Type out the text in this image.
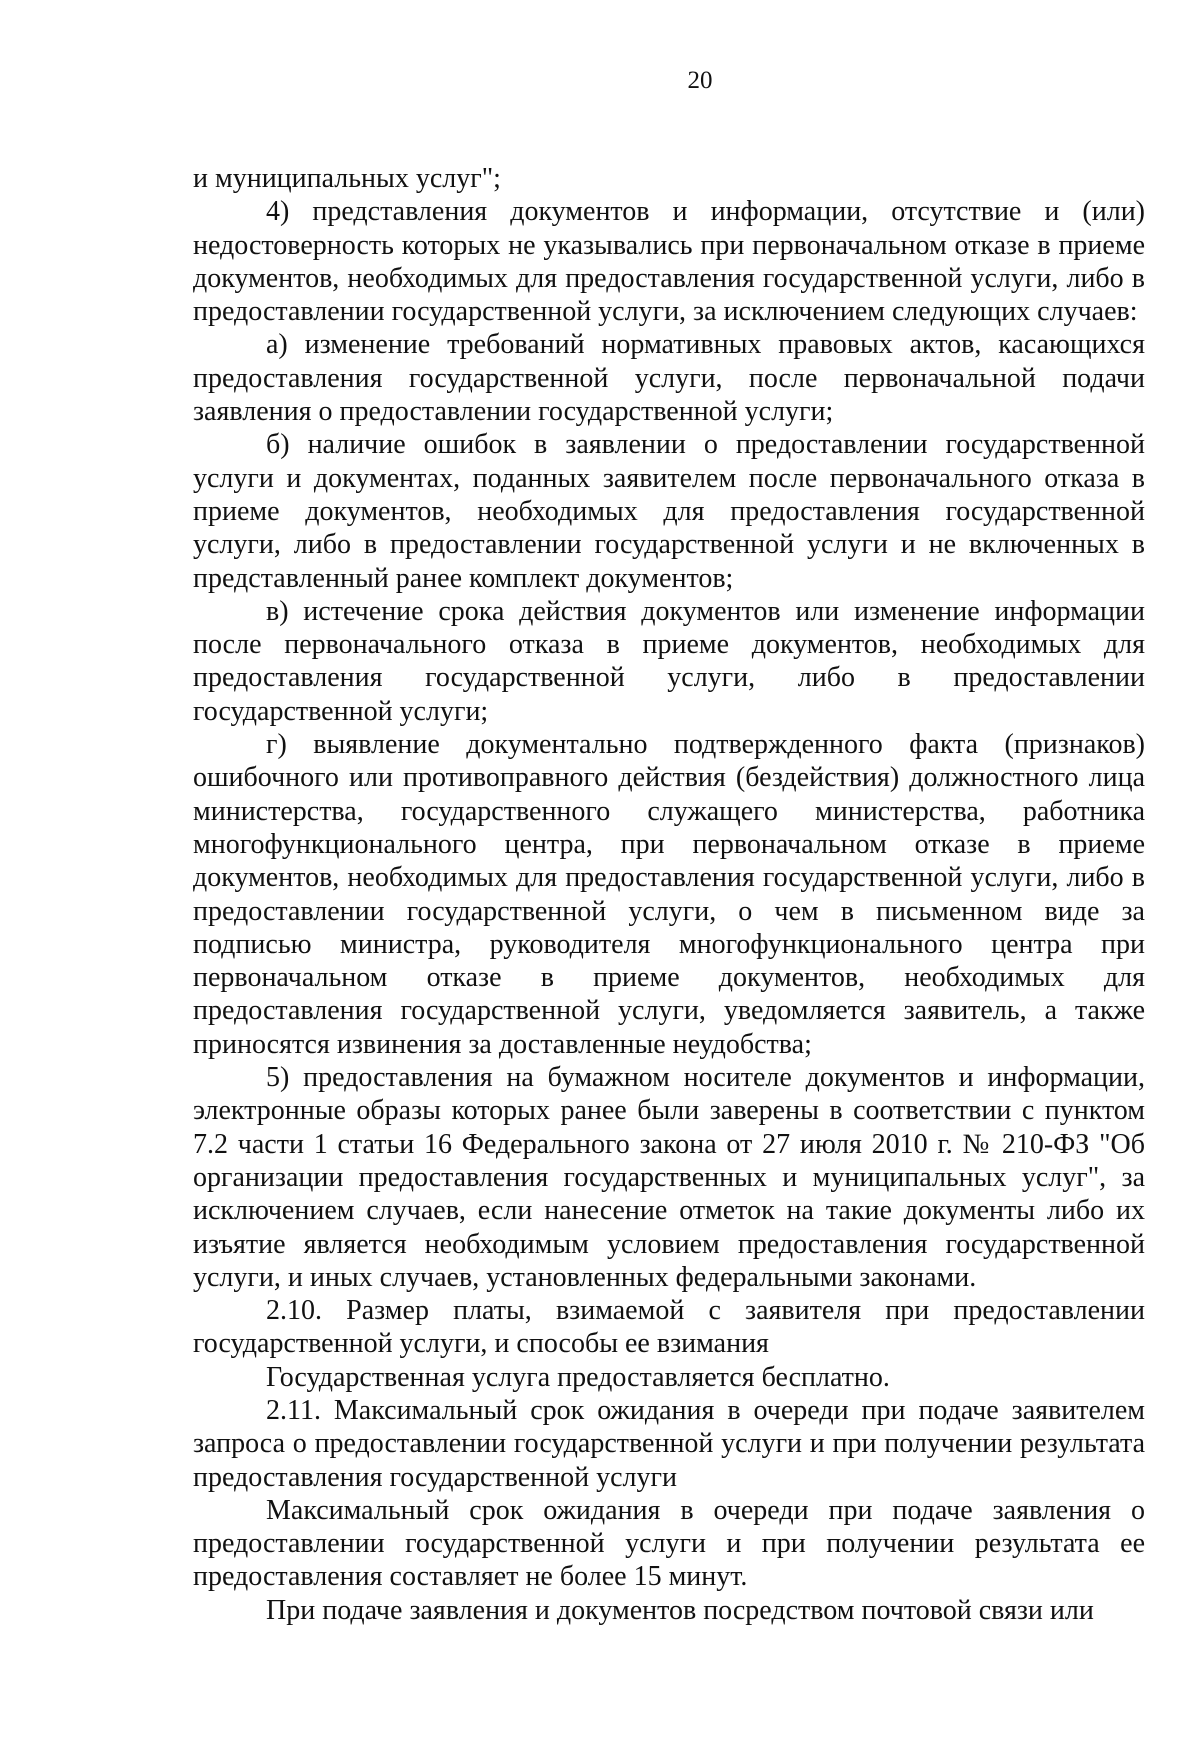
20

и муниципальных услуг";

4) представления документов и информации, отсутствие и (или) недостоверность которых не указывались при первоначальном отказе в приеме документов, необходимых для предоставления государственной услуги, либо в предоставлении государственной услуги, за исключением следующих случаев:

а) изменение требований нормативных правовых актов, касающихся предоставления государственной услуги, после первоначальной подачи заявления о предоставлении государственной услуги;

б) наличие ошибок в заявлении о предоставлении государственной услуги и документах, поданных заявителем после первоначального отказа в приеме документов, необходимых для предоставления государственной услуги, либо в предоставлении государственной услуги и не включенных в представленный ранее комплект документов;

в) истечение срока действия документов или изменение информации после первоначального отказа в приеме документов, необходимых для предоставления государственной услуги, либо в предоставлении государственной услуги;

г) выявление документально подтвержденного факта (признаков) ошибочного или противоправного действия (бездействия) должностного лица министерства, государственного служащего министерства, работника многофункционального центра, при первоначальном отказе в приеме документов, необходимых для предоставления государственной услуги, либо в предоставлении государственной услуги, о чем в письменном виде за подписью министра, руководителя многофункционального центра при первоначальном отказе в приеме документов, необходимых для предоставления государственной услуги, уведомляется заявитель, а также приносятся извинения за доставленные неудобства;

5) предоставления на бумажном носителе документов и информации, электронные образы которых ранее были заверены в соответствии с пунктом 7.2 части 1 статьи 16 Федерального закона от 27 июля 2010 г. № 210-ФЗ "Об организации предоставления государственных и муниципальных услуг", за исключением случаев, если нанесение отметок на такие документы либо их изъятие является необходимым условием предоставления государственной услуги, и иных случаев, установленных федеральными законами.

2.10. Размер платы, взимаемой с заявителя при предоставлении государственной услуги, и способы ее взимания

Государственная услуга предоставляется бесплатно.

2.11. Максимальный срок ожидания в очереди при подаче заявителем запроса о предоставлении государственной услуги и при получении результата предоставления государственной услуги

Максимальный срок ожидания в очереди при подаче заявления о предоставлении государственной услуги и при получении результата ее предоставления составляет не более 15 минут.

При подаче заявления и документов посредством почтовой связи или
